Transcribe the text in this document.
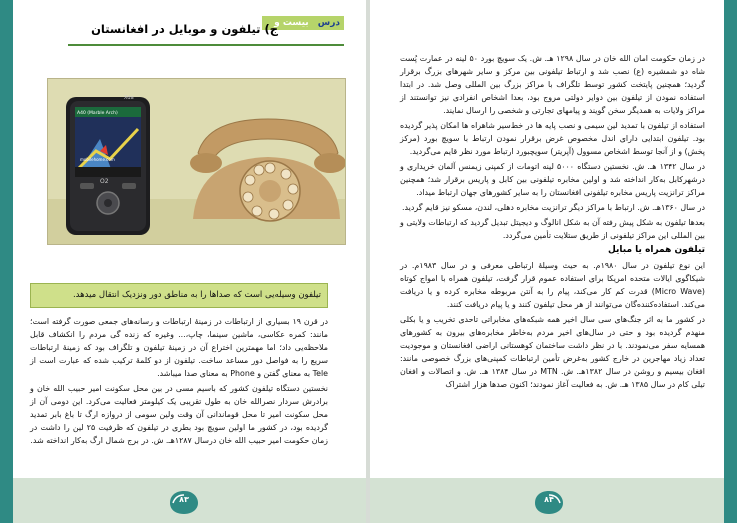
درس بیست و دوم
ج) تیلفون و موبایل در افغانستان
Xda
A40 (Marble Arch)
mobilehome.com
O2
تیلفون وسیله‌یی است که صداها را به مناطق دور ونزدیک انتقال میدهد.

در قرن ۱۹ بسیاری از ارتباطات در زمینهٔ ارتباطات و رسانه‌های جمعی صورت گرفته است؛ مانند: کمره عکاسی، ماشین سینما، چاپ،... وغیره که زنده گی مردم را انکشاف قابل ملاحظه‌یی داد؛ اما مهمترین اختراع آن در زمینهٔ تیلفون و تلگراف بود که زمینهٔ ارتباطات سریع را به فواصل دور مساعد ساخت. تیلفون از دو کلمهٔ ترکیب شده که عبارت است از Tele به معنای گفتن و Phone به معنای صدا میباشد.

نخستین دستگاه تیلفون کشور که باسیم مسی در بین محل سکونت امیر حبیب الله خان و برادرش سردار نصرالله خان به طول تقریبی یک کیلومتر فعالیت می‌کرد. این دومی آن از محل سکونت امیر تا محل قوماندانی آن وقت ولین سومی از دروازه ارگ تا باغ بابر تمدید گردیده بود، در کشور ما اولین سویچ بود بطری در تیلفون که ظرفیت ۲۵ لین را داشت در زمان حکومت امیر حبیب الله خان درسال ۱۲۸۷هـ. ش. در برج شمال ارگ به‌کار انداخته شد.

۸۳

در زمان حکومت امان الله خان در سال ۱۲۹۸ هـ. ش. یک سویچ بورد ۵۰ لینه در عمارت پُست شاه دو شمشیره (ع) نصب شد و ارتباط تیلفونی بین مرکز و سایر شهرهای بزرگ برقرار گردید؛ همچنین پایتخت کشور توسط تلگراف با مراکز بزرگ بین المللی وصل شد. در ابتدا استفاده نمودن از تیلفون بین دوایر دولتی مروج بود، بعدا اشخاص انفرادی نیز توانستند از مراکز ولایات به همدیگر سخن گویند و پیامهای تجارتی و شخصی را ارسال نمایند.

استفاده از تیلفون با تمدید لین سیمی و نصب پایه ها در خط‌سیر شاهراه ها امکان پذیر گردیده بود. تیلفون ابتدایی دارای اندل مخصوص غرض برقرار نمودن ارتباط با سویچ بورد (مرکز پخش) و از آنجا توسط اشخاص مسوول (آپریتر) سویچبورد ارتباط مورد نظر قایم می‌گردید.

در سال ۱۳۴۲ هـ. ش. نخستین دستگاه ۵۰۰۰ لینه اتومات از کمپنی زیمنس آلمان خریداری و درشهرکابل به‌کار انداخته شد و اولین مخابره تیلفونی بین کابل و پاریس برقرار شد؛ همچنین مراکز ترانزیت پاریس مخابره تیلفونی افغانستان را به سایر کشورهای جهان ارتباط میداد.

در سال ۱۳۶۰هـ. ش. ارتباط با مراکز دیگر ترانزیت مخابره دهلی، لندن، مسکو نیز قایم گردید.

بعدها تیلفون به شکل پیش رفته آن به شکل انالوگ و دیجیتل تبدیل گردید که ارتباطات ولایتی و بین المللی این مراکز تیلفونی از طریق ستلایت تأمین می‌گردد.

تیلفون همراه یا مبایل

این نوع تیلفون در سال ۱۹۸۰م. به حیث وسیلهٔ ارتباطی معرفی و در سال ۱۹۸۳م. در شیکاگوی ایالات متحده امریکا برای استفاده عموم قرار گرفت، تیلفون همراه با امواج کوتاه (Micro Wave) قدرت کم کار می‌کند، پیام را به آنتن مربوطه مخابره کرده و یا دریافت می‌کند. استفاده‌کننده‌گان می‌توانند از هر محل تیلفون کنند و یا پیام دریافت کنند.

در کشور ما به اثر جنگ‌های سی سال اخیر همه شبکه‌های مخابراتی تا‌حدی تخریب و یا بکلی منهدم گردیده بود و حتی در سال‌های اخیر مردم به‌خاطر مخابره‌های بیرون به کشورهای همسایه سفر می‌نمودند. با در نظر داشت ساختمان کوهستانی اراضی افغانستان و موجودیت تعداد زیاد مهاجرین در خارج کشور به‌غرض تأمین ارتباطات کمپنی‌های بزرگ خصوصی مانند: افغان بیسیم و روشن در سال ۱۳۸۲هـ. ش. MTN در سال ۱۳۸۴ هـ. ش. و اتصالات و افغان تیلی کام در سال ۱۳۸۵ هـ. ش. به فعالیت آغاز نمودند؛ اکنون صدها هزار اشتراک

۸۴
